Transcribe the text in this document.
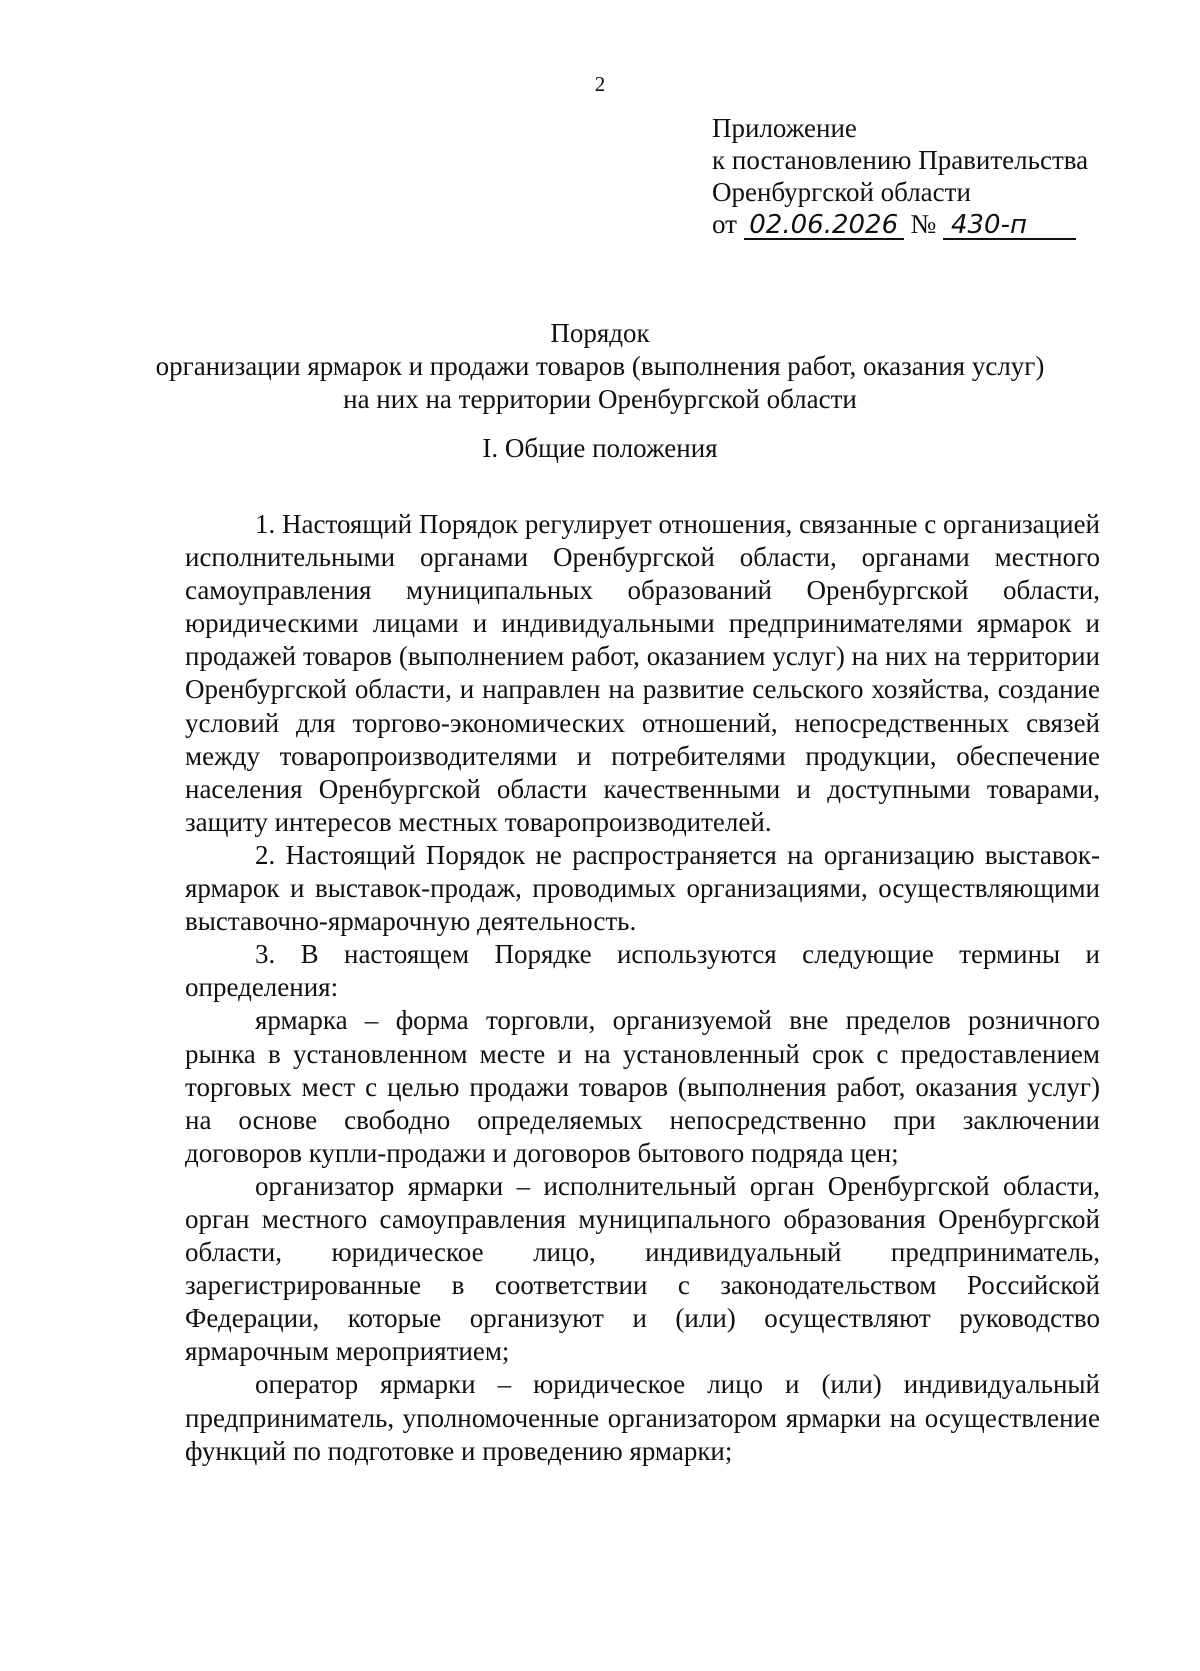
2
Приложение
к постановлению Правительства
Оренбургской области
от 02.06.2026 № 430-п
Порядок
организации ярмарок и продажи товаров (выполнения работ, оказания услуг)
на них на территории Оренбургской области
I. Общие положения

1. Настоящий Порядок регулирует отношения, связанные с организацией исполнительными органами Оренбургской области, органами местного самоуправления муниципальных образований Оренбургской области, юридическими лицами и индивидуальными предпринимателями ярмарок и продажей товаров (выполнением работ, оказанием услуг) на них на территории Оренбургской области, и направлен на развитие сельского хозяйства, создание условий для торгово-экономических отношений, непосредственных связей между товаропроизводителями и потребителями продукции, обеспечение населения Оренбургской области качественными и доступными товарами, защиту интересов местных товаропроизводителей.

2. Настоящий Порядок не распространяется на организацию выставок-ярмарок и выставок-продаж, проводимых организациями, осуществляющими выставочно-ярмарочную деятельность.

3. В настоящем Порядке используются следующие термины и определения:

ярмарка – форма торговли, организуемой вне пределов розничного рынка в установленном месте и на установленный срок с предоставлением торговых мест с целью продажи товаров (выполнения работ, оказания услуг) на основе свободно определяемых непосредственно при заключении договоров купли-продажи и договоров бытового подряда цен;

организатор ярмарки – исполнительный орган Оренбургской области, орган местного самоуправления муниципального образования Оренбургской области, юридическое лицо, индивидуальный предприниматель, зарегистрированные в соответствии с законодательством Российской Федерации, которые организуют и (или) осуществляют руководство ярмарочным мероприятием;

оператор ярмарки – юридическое лицо и (или) индивидуальный предприниматель, уполномоченные организатором ярмарки на осуществление функций по подготовке и проведению ярмарки;
